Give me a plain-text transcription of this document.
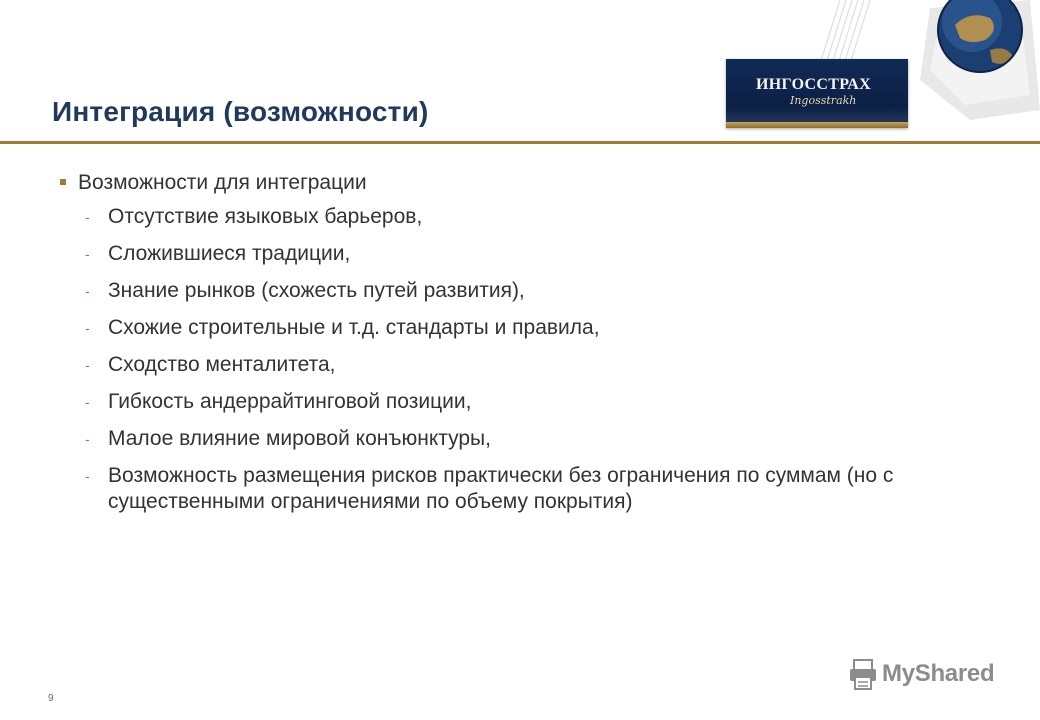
ИНГОССТРАХ
Ingosstrakh
Интеграция (возможности)
Возможности для интеграции
- Отсутствие языковых барьеров,
- Сложившиеся традиции,
- Знание рынков (схожесть путей развития),
- Схожие строительные и т.д. стандарты и правила,
- Сходство менталитета,
- Гибкость андеррайтинговой позиции,
- Малое влияние мировой конъюнктуры,
- Возможность размещения рисков практически без ограничения по суммам (но с существенными ограничениями по объему покрытия)
9
MyShared
